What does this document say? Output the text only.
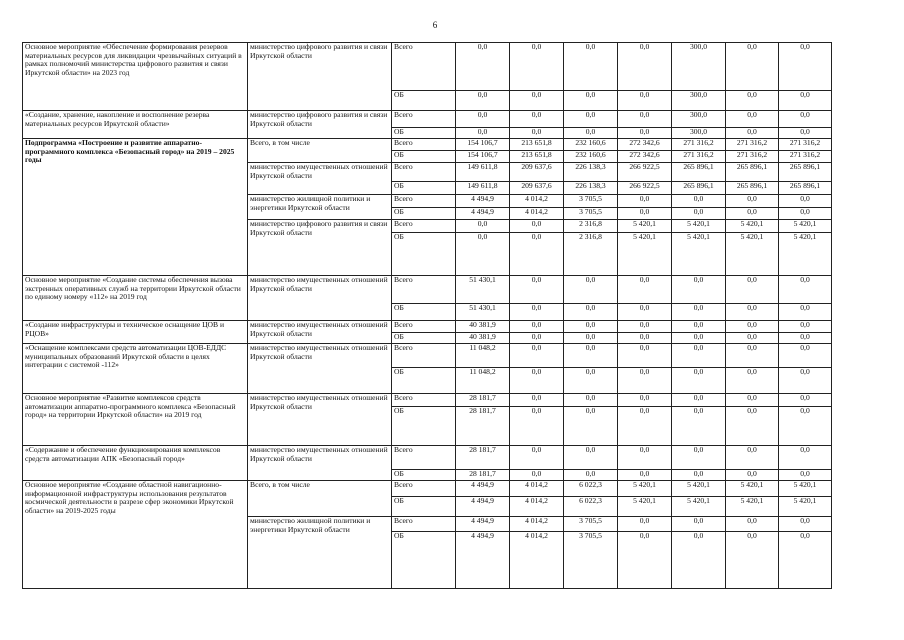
6
Основное мероприятие «Обеспечение формирования резервов материальных ресурсов для ликвидации чрезвычайных ситуаций в рамках полномочий министерства цифрового развития и связи Иркутской области» на 2023 год	министерство цифрового развития и связи Иркутской области	Всего	0,0	0,0	0,0	0,0	300,0	0,0	0,0
		ОБ	0,0	0,0	0,0	0,0	300,0	0,0	0,0
«Создание, хранение, накопление и восполнение резерва материальных ресурсов Иркутской области»	министерство цифрового развития и связи Иркутской области	Всего	0,0	0,0	0,0	0,0	300,0	0,0	0,0
		ОБ	0,0	0,0	0,0	0,0	300,0	0,0	0,0
Подпрограмма «Построение и развитие аппаратно-программного комплекса «Безопасный город» на 2019 – 2025 годы	Всего, в том числе	Всего	154 106,7	213 651,8	232 160,6	272 342,6	271 316,2	271 316,2	271 316,2
		ОБ	154 106,7	213 651,8	232 160,6	272 342,6	271 316,2	271 316,2	271 316,2
	министерство имущественных отношений Иркутской области	Всего	149 611,8	209 637,6	226 138,3	266 922,5	265 896,1	265 896,1	265 896,1
		ОБ	149 611,8	209 637,6	226 138,3	266 922,5	265 896,1	265 896,1	265 896,1
	министерство жилищной политики и энергетики Иркутской области	Всего	4 494,9	4 014,2	3 705,5	0,0	0,0	0,0	0,0
		ОБ	4 494,9	4 014,2	3 705,5	0,0	0,0	0,0	0,0
	министерство цифрового развития и связи Иркутской области	Всего	0,0	0,0	2 316,8	5 420,1	5 420,1	5 420,1	5 420,1
		ОБ	0,0	0,0	2 316,8	5 420,1	5 420,1	5 420,1	5 420,1
Основное мероприятие «Создание системы обеспечения вызова экстренных оперативных служб на территории Иркутской области по единому номеру «112» на 2019 год	министерство имущественных отношений Иркутской области	Всего	51 430,1	0,0	0,0	0,0	0,0	0,0	0,0
		ОБ	51 430,1	0,0	0,0	0,0	0,0	0,0	0,0
«Создание инфраструктуры и техническое оснащение ЦОВ и РЦОВ»	министерство имущественных отношений Иркутской области	Всего	40 381,9	0,0	0,0	0,0	0,0	0,0	0,0
		ОБ	40 381,9	0,0	0,0	0,0	0,0	0,0	0,0
«Оснащение комплексами средств автоматизации ЦОВ-ЕДДС муниципальных образований Иркутской области в целях интеграции с системой -112»	министерство имущественных отношений Иркутской области	Всего	11 048,2	0,0	0,0	0,0	0,0	0,0	0,0
		ОБ	11 048,2	0,0	0,0	0,0	0,0	0,0	0,0
Основное мероприятие «Развитие комплексов средств автоматизации аппаратно-программного комплекса «Безопасный город» на территории Иркутской области» на 2019 год	министерство имущественных отношений Иркутской области	Всего	28 181,7	0,0	0,0	0,0	0,0	0,0	0,0
		ОБ	28 181,7	0,0	0,0	0,0	0,0	0,0	0,0
«Содержание и обеспечение функционирования комплексов средств автоматизации АПК «Безопасный город»	министерство имущественных отношений Иркутской области	Всего	28 181,7	0,0	0,0	0,0	0,0	0,0	0,0
		ОБ	28 181,7	0,0	0,0	0,0	0,0	0,0	0,0
Основное мероприятие «Создание областной навигационно-информационной инфраструктуры использования результатов космической деятельности в разрезе сфер экономики Иркутской области» на 2019-2025 годы	Всего, в том числе	Всего	4 494,9	4 014,2	6 022,3	5 420,1	5 420,1	5 420,1	5 420,1
		ОБ	4 494,9	4 014,2	6 022,3	5 420,1	5 420,1	5 420,1	5 420,1
	министерство жилищной политики и энергетики Иркутской области	Всего	4 494,9	4 014,2	3 705,5	0,0	0,0	0,0	0,0
		ОБ	4 494,9	4 014,2	3 705,5	0,0	0,0	0,0	0,0
